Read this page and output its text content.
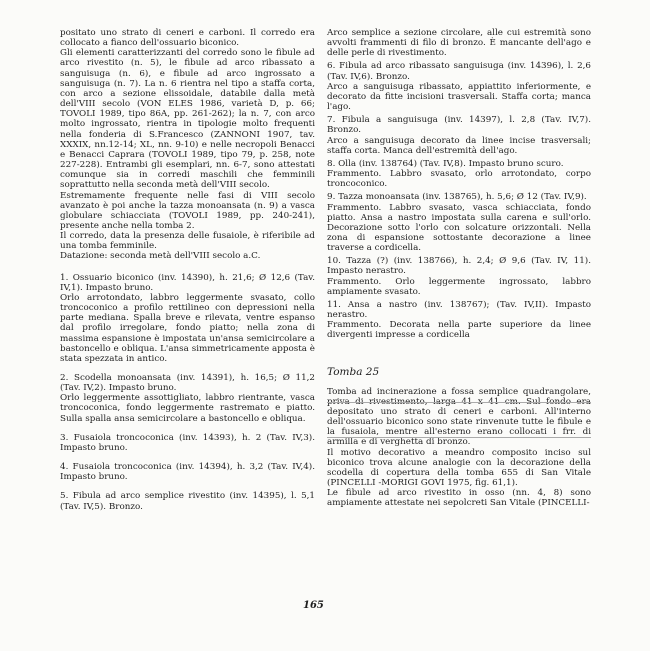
positato uno strato di ceneri e carboni. Il corredo era collocato a fianco dell'ossuario biconico.

Gli elementi caratterizzanti del corredo sono le fibule ad arco rivestito (n. 5), le fibule ad arco ribassato a sanguisuga (n. 6), e fibule ad arco ingrossato a sanguisuga (n. 7). La n. 6 rientra nel tipo a staffa corta, con arco a sezione elissoidale, databile dalla metà dell'VIII secolo (VON ELES 1986, varietà D, p. 66; TOVOLI 1989, tipo 86A, pp. 261-262); la n. 7, con arco molto ingrossato, rientra in tipologie molto frequenti nella fonderia di S.Francesco (ZANNONI 1907, tav. XXXIX, nn.12-14; XL, nn. 9-10) e nelle necropoli Benacci e Benacci Caprara (TOVOLI 1989, tipo 79, p. 258, note 227-228). Entrambi gli esemplari, nn. 6-7, sono attestati comunque sia in corredi maschili che femminili soprattutto nella seconda metà dell'VIII secolo.

Estremamente frequente nelle fasi di VIII secolo avanzato è poi anche la tazza monoansata (n. 9) a vasca globulare schiacciata (TOVOLI 1989, pp. 240-241), presente anche nella tomba 2.

Il corredo, data la presenza delle fusaiole, è riferibile ad una tomba femminile.

Datazione: seconda metà dell'VIII secolo a.C.

1. Ossuario biconico (inv. 14390), h. 21,6; Ø 12,6 (Tav. IV,1). Impasto bruno.

Orlo arrotondato, labbro leggermente svasato, collo troncoconico a profilo rettilineo con depressioni nella parte mediana. Spalla breve e rilevata, ventre espanso dal profilo irregolare, fondo piatto; nella zona di massima espansione è impostata un'ansa semicircolare a bastoncello e obliqua. L'ansa simmetricamente apposta è stata spezzata in antico.

2. Scodella monoansata (inv. 14391), h. 16,5; Ø 11,2 (Tav. IV,2). Impasto bruno.

Orlo leggermente assottigliato, labbro rientrante, vasca troncoconica, fondo leggermente rastremato e piatto. Sulla spalla ansa semicircolare a bastoncello e obliqua.

3. Fusaiola troncoconica (inv. 14393), h. 2 (Tav. IV,3). Impasto bruno.

4. Fusaiola troncoconica (inv. 14394), h. 3,2 (Tav. IV,4). Impasto bruno.

5. Fibula ad arco semplice rivestito (inv. 14395), l. 5,1 (Tav. IV,5). Bronzo.

Arco semplice a sezione circolare, alle cui estremità sono avvolti frammenti di filo di bronzo. È mancante dell'ago e delle perle di rivestimento.

6. Fibula ad arco ribassato sanguisuga (inv. 14396), l. 2,6 (Tav. IV,6). Bronzo.

Arco a sanguisuga ribassato, appiattito inferiormente, e decorato da fitte incisioni trasversali. Staffa corta; manca l'ago.

7. Fibula a sanguisuga (inv. 14397), l. 2,8 (Tav. IV,7). Bronzo.

Arco a sanguisuga decorato da linee incise trasversali; staffa corta. Manca dell'estremità dell'ago.

8. Olla (inv. 138764) (Tav. IV,8). Impasto bruno scuro.

Frammento. Labbro svasato, orlo arrotondato, corpo troncoconico.

9. Tazza monoansata (inv. 138765), h. 5,6; Ø 12 (Tav. IV,9).

Frammento. Labbro svasato, vasca schiacciata, fondo piatto. Ansa a nastro impostata sulla carena e sull'orlo. Decorazione sotto l'orlo con solcature orizzontali. Nella zona di espansione sottostante decorazione a linee traverse a cordicella.

10. Tazza (?) (inv. 138766), h. 2,4; Ø 9,6 (Tav. IV, 11). Impasto nerastro.

Frammento. Orlo leggermente ingrossato, labbro ampiamente svasato.

11. Ansa a nastro (inv. 138767); (Tav. IV,II). Impasto nerastro.

Frammento. Decorata nella parte superiore da linee divergenti impresse a cordicella

Tomba 25

Tomba ad incinerazione a fossa semplice quadrangolare, priva di rivestimento, larga 41 x 41 cm. Sul fondo era depositato uno strato di ceneri e carboni. All'interno dell'ossuario biconico sono state rinvenute tutte le fibule e la fusaiola, mentre all'esterno erano collocati i frr. di armilla e di verghetta di bronzo.

Il motivo decorativo a meandro composito inciso sul biconico trova alcune analogie con la decorazione della scodella di copertura della tomba 655 di San Vitale (PINCELLI -MORIGI GOVI 1975, fig. 61,1).

Le fibule ad arco rivestito in osso (nn. 4, 8) sono ampiamente attestate nei sepolcreti San Vitale (PINCELLI-

165
